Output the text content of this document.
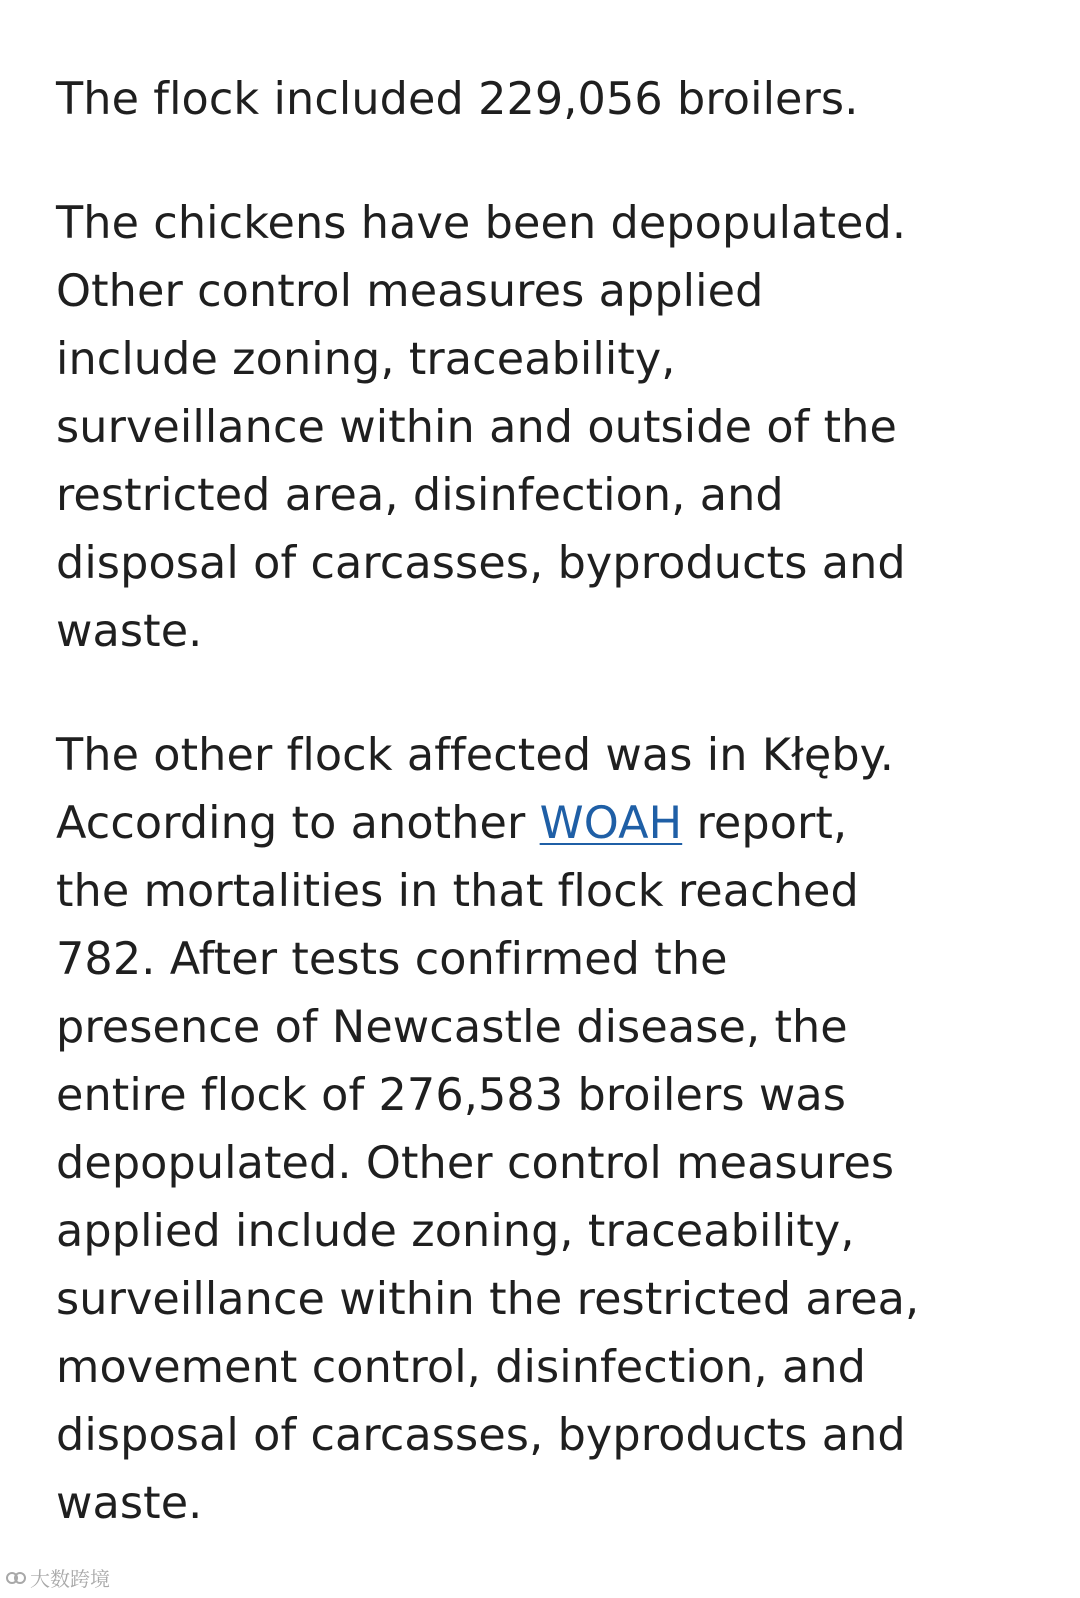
The flock included 229,056 broilers.

The chickens have been depopulated.
Other control measures applied
include zoning, traceability,
surveillance within and outside of the
restricted area, disinfection, and
disposal of carcasses, byproducts and
waste.

The other flock affected was in Kłęby.
According to another WOAH report,
the mortalities in that flock reached
782. After tests confirmed the
presence of Newcastle disease, the
entire flock of 276,583 broilers was
depopulated. Other control measures
applied include zoning, traceability,
surveillance within the restricted area,
movement control, disinfection, and
disposal of carcasses, byproducts and
waste.

大数跨境
